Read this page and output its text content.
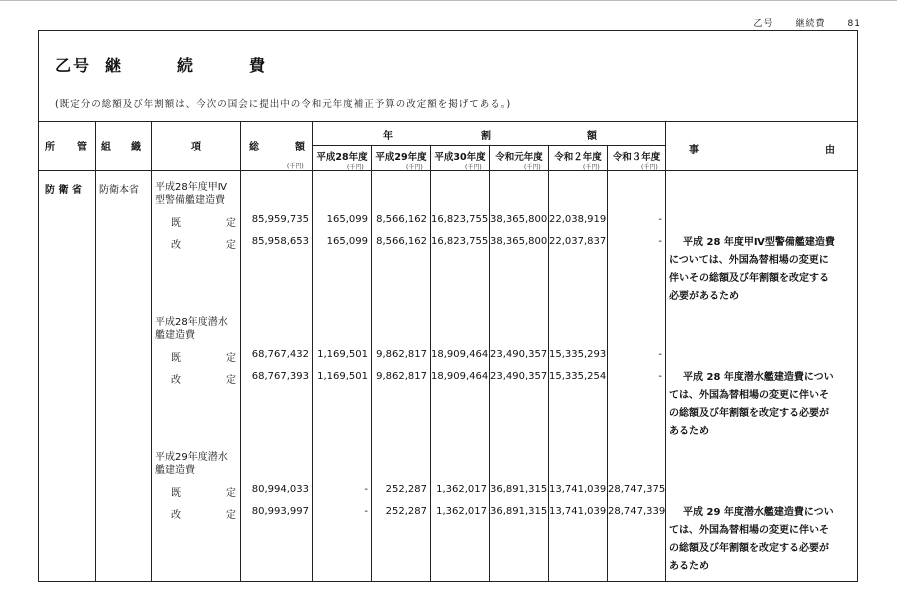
乙号 継続費 81
乙号 継	続	費
(既定分の総額及び年割額は、今次の国会に提出中の令和元年度補正予算の改定額を掲げてある。)
所 管 組 織	項	総	額
(千円)
年	割	額
平成28年度 平成29年度 平成30年度	令和元年度	令和２年度	令和３年度
(千円)	(千円)	(千円)	(千円)	(千円)	(千円)
事	由
防 衛 省 防衛本省 平成28年度甲Ⅳ
型警備艦建造費
既	定	85,959,735	165,099 8,566,162 16,823,755 38,365,800 22,038,919	-
改	定	85,958,653	165,099 8,566,162 16,823,755 38,365,800 22,037,837	-	平成 28 年度甲Ⅳ型警備艦建造費
については、外国為替相場の変更に
伴いその総額及び年割額を改定する
必要があるため
平成28年度潜水
艦建造費
既	定	68,767,432 1,169,501 9,862,817 18,909,464 23,490,357 15,335,293	-
改	定	68,767,393 1,169,501 9,862,817 18,909,464 23,490,357 15,335,254	-	平成 28 年度潜水艦建造費につい
ては、外国為替相場の変更に伴いそ
の総額及び年割額を改定する必要が
あるため
平成29年度潜水
艦建造費
既	定	80,994,033	-	252,287 1,362,017 36,891,315 13,741,039 28,747,375
改	定	80,993,997	-	252,287 1,362,017 36,891,315 13,741,039 28,747,339	平成 29 年度潜水艦建造費につい
ては、外国為替相場の変更に伴いそ
の総額及び年割額を改定する必要が
あるため
